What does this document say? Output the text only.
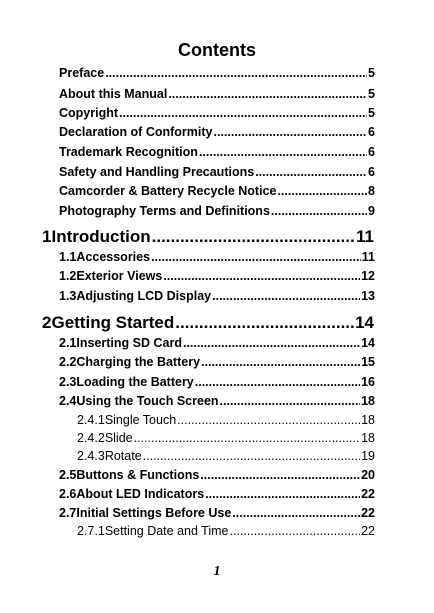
Contents
Preface .....	5
About this Manual .....	5
Copyright .....	5
Declaration of Conformity .....	6
Trademark Recognition .....	6
Safety and Handling Precautions .....	6
Camcorder & Battery Recycle Notice .....	8
Photography Terms and Definitions .....	9
1 Introduction .....	11
1.1 Accessories .....	11
1.2 Exterior Views .....	12
1.3 Adjusting LCD Display .....	13
2 Getting Started .....	14
2.1 Inserting SD Card .....	14
2.2 Charging the Battery .....	15
2.3 Loading the Battery .....	16
2.4 Using the Touch Screen .....	18
2.4.1 Single Touch .....	18
2.4.2 Slide .....	18
2.4.3 Rotate .....	19
2.5 Buttons & Functions .....	20
2.6 About LED Indicators .....	22
2.7 Initial Settings Before Use .....	22
2.7.1 Setting Date and Time .....	22
1
